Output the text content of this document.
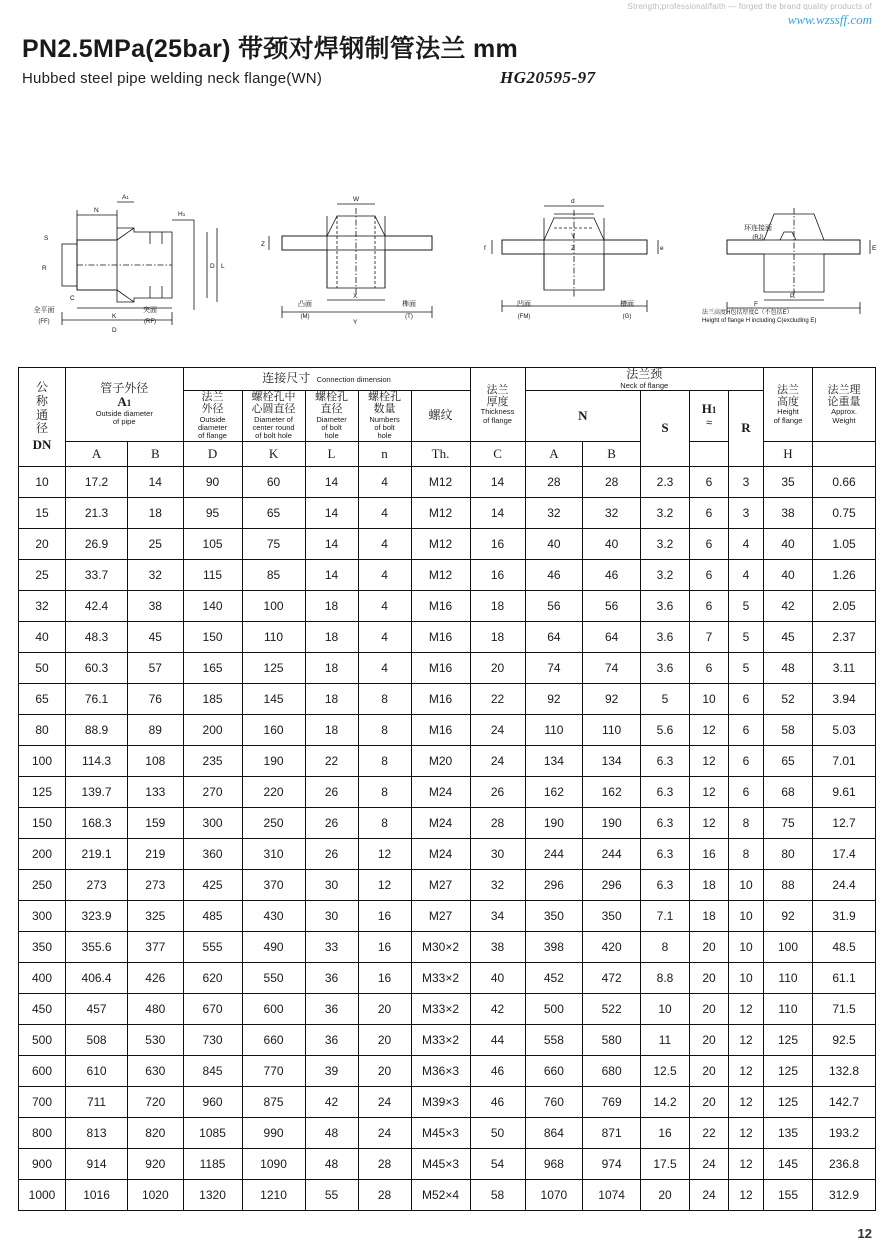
Strength;professional/faith — forged the brand quality products of
www.wzssff.com
PN2.5MPa(25bar) 带颈对焊钢制管法兰 mm
Hubbed steel pipe welding neck flange(WN)	HG20595-97
N
A1
H1
D L
K
D
S
R
C
全平面
(FF)
突面
(RF)
W
X
Y
Z
凸面
(M)
榫面
(T)
d
Y
Z
f	e
凹面
(FM)
槽面
(G)
P
F
E
环连接面
(RJ)
法兰高度H包括厚度C（不包括E）
Height of flange H including C(excluding E)
公
称
通
径
DN

管子外径
A1
Outside diameter
of pipe
	连接尺寸 Connection dimension	
法兰
厚度
Thickness
of flange

法兰颈
Neck of flange	法兰
高度
Height
of flange

法兰理
论重量
Approx.
Weight

法兰
外径
Outside
diameter
of flange

螺栓孔中
心圆直径
Diameter of
center round
of bolt hole

螺栓孔
直径
Diameter
of bolt
hole

螺栓孔
数量
Numbers
of bolt
hole

螺纹	N

S

H1
≈	R

	A	B	D	K	L	n	Th.	C	A	B				H	
10	17.2	14	90	60	14	4	M12	14	28	28	2.3	6	3	35	0.66
15	21.3	18	95	65	14	4	M12	14	32	32	3.2	6	3	38	0.75
20	26.9	25	105	75	14	4	M12	16	40	40	3.2	6	4	40	1.05
25	33.7	32	115	85	14	4	M12	16	46	46	3.2	6	4	40	1.26
32	42.4	38	140	100	18	4	M16	18	56	56	3.6	6	5	42	2.05
40	48.3	45	150	110	18	4	M16	18	64	64	3.6	7	5	45	2.37
50	60.3	57	165	125	18	4	M16	20	74	74	3.6	6	5	48	3.11
65	76.1	76	185	145	18	8	M16	22	92	92	5	10	6	52	3.94
80	88.9	89	200	160	18	8	M16	24	110	110	5.6	12	6	58	5.03
100	114.3	108	235	190	22	8	M20	24	134	134	6.3	12	6	65	7.01
125	139.7	133	270	220	26	8	M24	26	162	162	6.3	12	6	68	9.61
150	168.3	159	300	250	26	8	M24	28	190	190	6.3	12	8	75	12.7
200	219.1	219	360	310	26	12	M24	30	244	244	6.3	16	8	80	17.4
250	273	273	425	370	30	12	M27	32	296	296	6.3	18	10	88	24.4
300	323.9	325	485	430	30	16	M27	34	350	350	7.1	18	10	92	31.9
350	355.6	377	555	490	33	16	M30×2	38	398	420	8	20	10	100	48.5
400	406.4	426	620	550	36	16	M33×2	40	452	472	8.8	20	10	110	61.1
450	457	480	670	600	36	20	M33×2	42	500	522	10	20	12	110	71.5
500	508	530	730	660	36	20	M33×2	44	558	580	11	20	12	125	92.5
600	610	630	845	770	39	20	M36×3	46	660	680	12.5	20	12	125	132.8
700	711	720	960	875	42	24	M39×3	46	760	769	14.2	20	12	125	142.7
800	813	820	1085	990	48	24	M45×3	50	864	871	16	22	12	135	193.2
900	914	920	1185	1090	48	28	M45×3	54	968	974	17.5	24	12	145	236.8
1000	1016	1020	1320	1210	55	28	M52×4	58	1070	1074	20	24	12	155	312.9
12
